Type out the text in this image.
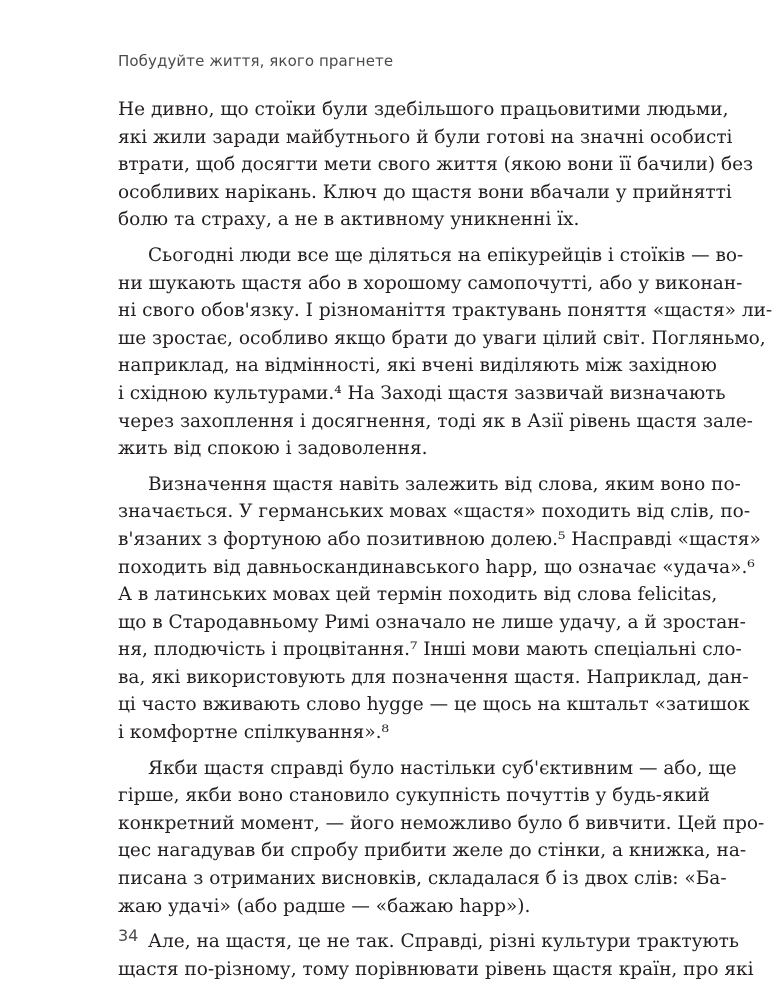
Побудуйте життя, якого прагнете
Не дивно, що стоїки були здебільшого працьовитими людьми,
які жили заради майбутнього й були готові на значні особисті
втрати, щоб досягти мети свого життя (якою вони її бачили) без
особливих нарікань. Ключ до щастя вони вбачали у прийнятті
болю та страху, а не в активному уникненні їх.
Сьогодні люди все ще діляться на епікурейців і стоїків — во-
ни шукають щастя або в хорошому самопочутті, або у виконан-
ні свого обов'язку. І різноманіття трактувань поняття «щастя» ли-
ше зростає, особливо якщо брати до уваги цілий світ. Погляньмо,
наприклад, на відмінності, які вчені виділяють між західною
і східною культурами.⁴ На Заході щастя зазвичай визначають
через захоплення і досягнення, тоді як в Азії рівень щастя зале-
жить від спокою і задоволення.
Визначення щастя навіть залежить від слова, яким воно по-
значається. У германських мовах «щастя» походить від слів, по-
в'язаних з фортуною або позитивною долею.⁵ Насправді «щастя»
походить від давньоскандинавського happ, що означає «удача».⁶
А в латинських мовах цей термін походить від слова felicitas,
що в Стародавньому Римі означало не лише удачу, а й зростан-
ня, плодючість і процвітання.⁷ Інші мови мають спеціальні сло-
ва, які використовують для позначення щастя. Наприклад, дан-
ці часто вживають слово hygge — це щось на кштальт «затишок
і комфортне спілкування».⁸
Якби щастя справді було настільки суб'єктивним — або, ще
гірше, якби воно становило сукупність почуттів у будь-який
конкретний момент, — його неможливо було б вивчити. Цей про-
цес нагадував би спробу прибити желе до стінки, а книжка, на-
писана з отриманих висновків, складалася б із двох слів: «Ба-
жаю удачі» (або радше — «бажаю happ»).
Але, на щастя, це не так. Справді, різні культури трактують
щастя по-різному, тому порівнювати рівень щастя країн, про які
34
